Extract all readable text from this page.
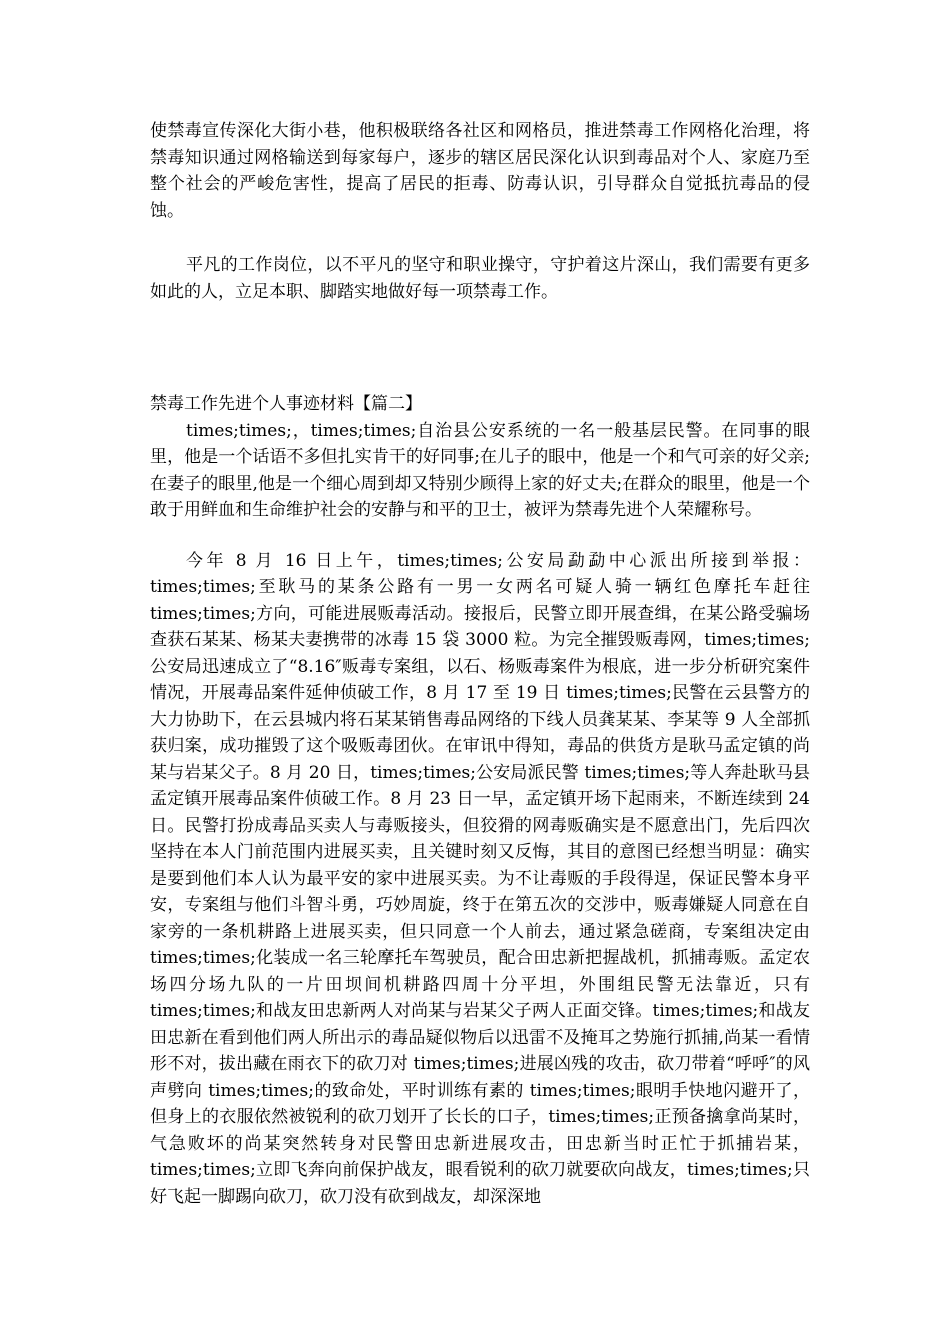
使禁毒宣传深化大街小巷，他积极联络各社区和网格员，推进禁毒工作网格化治理，将禁毒知识通过网格输送到每家每户，逐步的辖区居民深化认识到毒品对个人、家庭乃至整个社会的严峻危害性，提高了居民的拒毒、防毒认识，引导群众自觉抵抗毒品的侵蚀。

平凡的工作岗位，以不平凡的坚守和职业操守，守护着这片深山，我们需要有更多如此的人，立足本职、脚踏实地做好每一项禁毒工作。

禁毒工作先进个人事迹材料【篇二】

times;times;，times;times;自治县公安系统的一名一般基层民警。在同事的眼里，他是一个话语不多但扎实肯干的好同事;在儿子的眼中，他是一个和气可亲的好父亲;在妻子的眼里,他是一个细心周到却又特别少顾得上家的好丈夫;在群众的眼里，他是一个敢于用鲜血和生命维护社会的安静与和平的卫士，被评为禁毒先进个人荣耀称号。

今年 8 月 16 日上午，times;times;公安局勐勐中心派出所接到举报：times;times;至耿马的某条公路有一男一女两名可疑人骑一辆红色摩托车赶往 times;times;方向，可能进展贩毒活动。接报后，民警立即开展查缉，在某公路受骗场查获石某某、杨某夫妻携带的冰毒 15 袋 3000 粒。为完全摧毁贩毒网，times;times;公安局迅速成立了“8.16″贩毒专案组，以石、杨贩毒案件为根底，进一步分析研究案件情况，开展毒品案件延伸侦破工作，8 月 17 至 19 日 times;times;民警在云县警方的大力协助下，在云县城内将石某某销售毒品网络的下线人员龚某某、李某等 9 人全部抓获归案，成功摧毁了这个吸贩毒团伙。在审讯中得知，毒品的供货方是耿马孟定镇的尚某与岩某父子。8 月 20 日，times;times;公安局派民警 times;times;等人奔赴耿马县孟定镇开展毒品案件侦破工作。8 月 23 日一早，孟定镇开场下起雨来，不断连续到 24 日。民警打扮成毒品买卖人与毒贩接头，但狡猾的网毒贩确实是不愿意出门，先后四次坚持在本人门前范围内进展买卖，且关键时刻又反悔，其目的意图已经想当明显：确实是要到他们本人认为最平安的家中进展买卖。为不让毒贩的手段得逞，保证民警本身平安，专案组与他们斗智斗勇，巧妙周旋，终于在第五次的交涉中，贩毒嫌疑人同意在自家旁的一条机耕路上进展买卖，但只同意一个人前去，通过紧急磋商，专案组决定由 times;times;化装成一名三轮摩托车驾驶员，配合田忠新把握战机，抓捕毒贩。孟定农场四分场九队的一片田坝间机耕路四周十分平坦，外围组民警无法靠近，只有 times;times;和战友田忠新两人对尚某与岩某父子两人正面交锋。times;times;和战友田忠新在看到他们两人所出示的毒品疑似物后以迅雷不及掩耳之势施行抓捕,尚某一看情形不对，拔出藏在雨衣下的砍刀对 times;times;进展凶残的攻击，砍刀带着“呼呼″的风声劈向 times;times;的致命处，平时训练有素的 times;times;眼明手快地闪避开了，但身上的衣服依然被锐利的砍刀划开了长长的口子，times;times;正预备擒拿尚某时，气急败坏的尚某突然转身对民警田忠新进展攻击，田忠新当时正忙于抓捕岩某，times;times;立即飞奔向前保护战友，眼看锐利的砍刀就要砍向战友，times;times;只好飞起一脚踢向砍刀，砍刀没有砍到战友，却深深地
